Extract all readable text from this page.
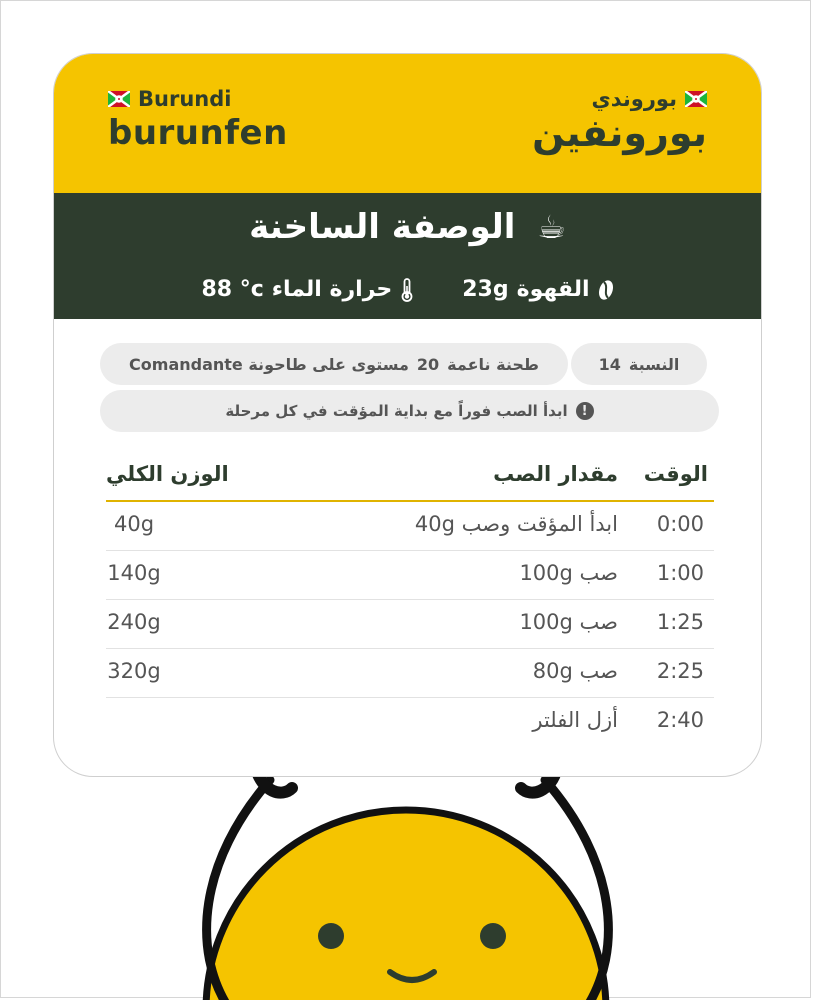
Burundi
burunfen
بوروندي
بورونفين
☕ الوصفة الساخنة
القهوة
23g
حرارة الماء
88 °c
النسبة
14
طحنة ناعمة
20
مستوى على طاحونة Comandante
!
ابدأ الصب فوراً مع بداية المؤقت في كل مرحلة
الوقت
مقدار الصب
الوزن الكلي
0:00
ابدأ المؤقت وصب 40g
40g
1:00
صب 100g
140g
1:25
صب 100g
240g
2:25
صب 80g
320g
2:40
أزل الفلتر
